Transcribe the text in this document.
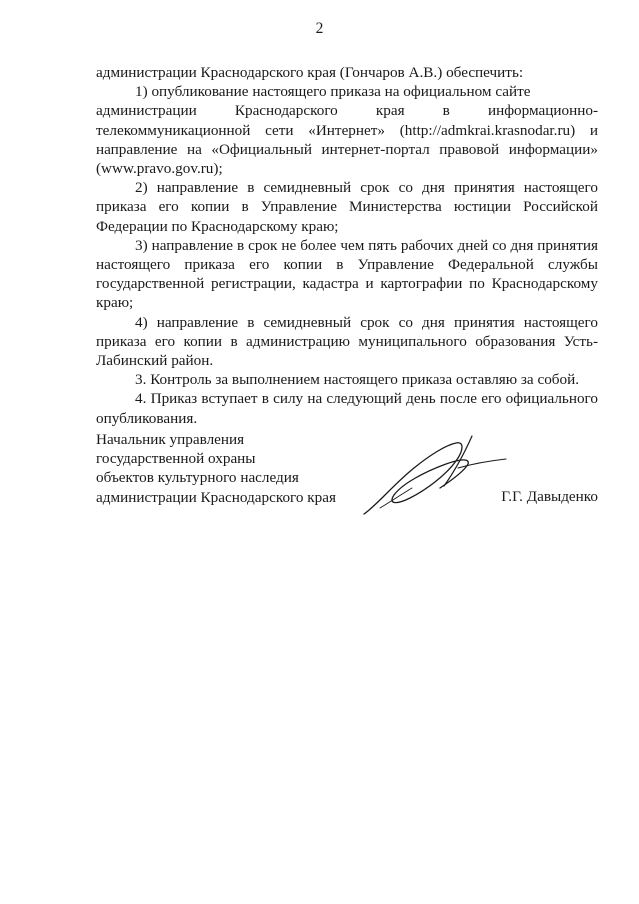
2

администрации Краснодарского края (Гончаров А.В.) обеспечить:

1) опубликование настоящего приказа на официальном сайте

администрации Краснодарского края в информационно-

телекоммуникационной сети «Интернет» (http://admkrai.krasnodar.ru) и

направление на «Официальный интернет-портал правовой информации»

(www.pravo.gov.ru);

2) направление в семидневный срок со дня принятия настоящего приказа его копии в Управление Министерства юстиции Российской Федерации по Краснодарскому краю;

3) направление в срок не более чем пять рабочих дней со дня принятия настоящего приказа его копии в Управление Федеральной службы государственной регистрации, кадастра и картографии по Краснодарскому краю;

4) направление в семидневный срок со дня принятия настоящего приказа его копии в администрацию муниципального образования Усть-Лабинский район.

3. Контроль за выполнением настоящего приказа оставляю за собой.

4. Приказ вступает в силу на следующий день после его официального опубликования.

Начальник управления
государственной охраны
объектов культурного наследия
администрации Краснодарского края	Г.Г. Давыденко
